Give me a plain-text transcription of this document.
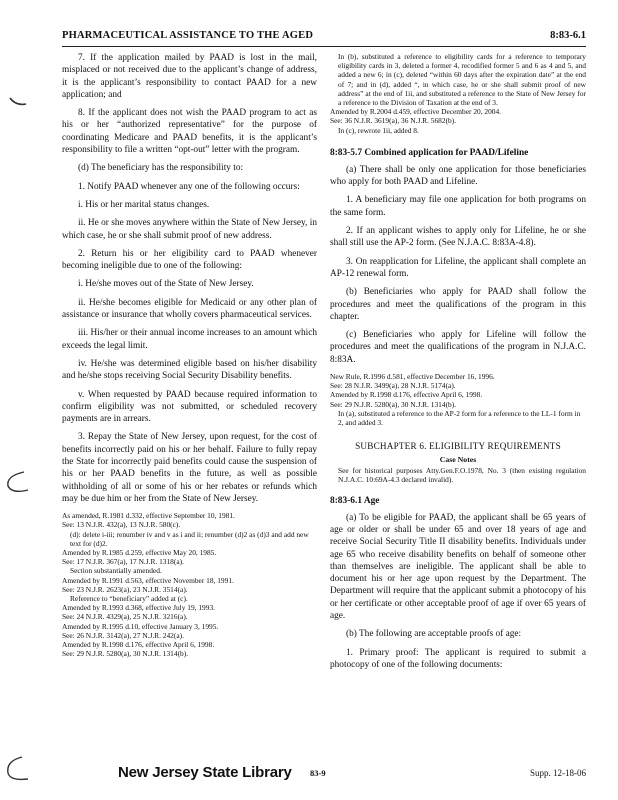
PHARMACEUTICAL ASSISTANCE TO THE AGED	8:83-6.1

7. If the application mailed by PAAD is lost in the mail, misplaced or not received due to the applicant’s change of address, it is the applicant’s responsibility to contact PAAD for a new application; and

8. If the applicant does not wish the PAAD program to act as his or her “authorized representative” for the purpose of coordinating Medicare and PAAD benefits, it is the applicant’s responsibility to file a written “opt-out” letter with the program.

(d) The beneficiary has the responsibility to:

1. Notify PAAD whenever any one of the following occurs:

i. His or her marital status changes.

ii. He or she moves anywhere within the State of New Jersey, in which case, he or she shall submit proof of new address.

2. Return his or her eligibility card to PAAD whenever becoming ineligible due to one of the following:

i. He/she moves out of the State of New Jersey.

ii. He/she becomes eligible for Medicaid or any other plan of assistance or insurance that wholly covers pharmaceutical services.

iii. His/her or their annual income increases to an amount which exceeds the legal limit.

iv. He/she was determined eligible based on his/her disability and he/she stops receiving Social Security Disability benefits.

v. When requested by PAAD because required information to confirm eligibility was not submitted, or scheduled recovery payments are in arrears.

3. Repay the State of New Jersey, upon request, for the cost of benefits incorrectly paid on his or her behalf. Failure to fully repay the State for incorrectly paid benefits could cause the suspension of his or her PAAD benefits in the future, as well as possible withholding of all or some of his or her rebates or refunds which may be due him or her from the State of New Jersey.

As amended, R.1981 d.332, effective September 10, 1981.

See: 13 N.J.R. 432(a), 13 N.J.R. 580(c).

(d): delete i-iii; renumber iv and v as i and ii; renumber (d)2 as (d)3 and add new text for (d)2.

Amended by R.1985 d.259, effective May 20, 1985.

See: 17 N.J.R. 367(a), 17 N.J.R. 1318(a).

Section substantially amended.

Amended by R.1991 d.563, effective November 18, 1991.

See: 23 N.J.R. 2623(a), 23 N.J.R. 3514(a).

Reference to “beneficiary” added at (c).

Amended by R.1993 d.368, effective July 19, 1993.

See: 24 N.J.R. 4329(a), 25 N.J.R. 3216(a).

Amended by R.1995 d.10, effective January 3, 1995.

See: 26 N.J.R. 3142(a), 27 N.J.R. 242(a).

Amended by R.1998 d.176, effective April 6, 1998.

See: 29 N.J.R. 5280(a), 30 N.J.R. 1314(b).

In (b), substituted a reference to eligibility cards for a reference to temporary eligibility cards in 3, deleted a former 4, recodified former 5 and 6 as 4 and 5, and added a new 6; in (c), deleted “within 60 days after the expiration date” at the end of 7; and in (d), added “, in which case, he or she shall submit proof of new address” at the end of 1ii, and substituted a reference to the State of New Jersey for a reference to the Division of Taxation at the end of 3.

Amended by R.2004 d.459, effective December 20, 2004.

See: 36 N.J.R. 3619(a), 36 N.J.R. 5682(b).

In (c), rewrote 1ii, added 8.

8:83-5.7 Combined application for PAAD/Lifeline

(a) There shall be only one application for those beneficiaries who apply for both PAAD and Lifeline.

1. A beneficiary may file one application for both programs on the same form.

2. If an applicant wishes to apply only for Lifeline, he or she shall still use the AP-2 form. (See N.J.A.C. 8:83A-4.8).

3. On reapplication for Lifeline, the applicant shall complete an AP-12 renewal form.

(b) Beneficiaries who apply for PAAD shall follow the procedures and meet the qualifications of the program in this chapter.

(c) Beneficiaries who apply for Lifeline will follow the procedures and meet the qualifications of the program in N.J.A.C. 8:83A.

New Rule, R.1996 d.581, effective December 16, 1996.

See: 28 N.J.R. 3499(a), 28 N.J.R. 5174(a).

Amended by R.1998 d.176, effective April 6, 1998.

See: 29 N.J.R. 5280(a), 30 N.J.R. 1314(b).

In (a), substituted a reference to the AP-2 form for a reference to the LL-1 form in 2, and added 3.

SUBCHAPTER 6. ELIGIBILITY REQUIREMENTS

Case Notes

See for historical purposes Atty.Gen.F.O.1978, No. 3 (then existing regulation N.J.A.C. 10:69A-4.3 declared invalid).

8:83-6.1 Age

(a) To be eligible for PAAD, the applicant shall be 65 years of age or older or shall be under 65 and over 18 years of age and receive Social Security Title II disability benefits. Individuals under age 65 who receive disability benefits on behalf of someone other than themselves are ineligible. The applicant shall be able to document his or her age upon request by the Department. The Department will require that the applicant submit a photocopy of his or her certificate or other acceptable proof of age if over 65 years of age.

(b) The following are acceptable proofs of age:

1. Primary proof: The applicant is required to submit a photocopy of one of the following documents:

New Jersey State Library 83-9	Supp. 12-18-06
